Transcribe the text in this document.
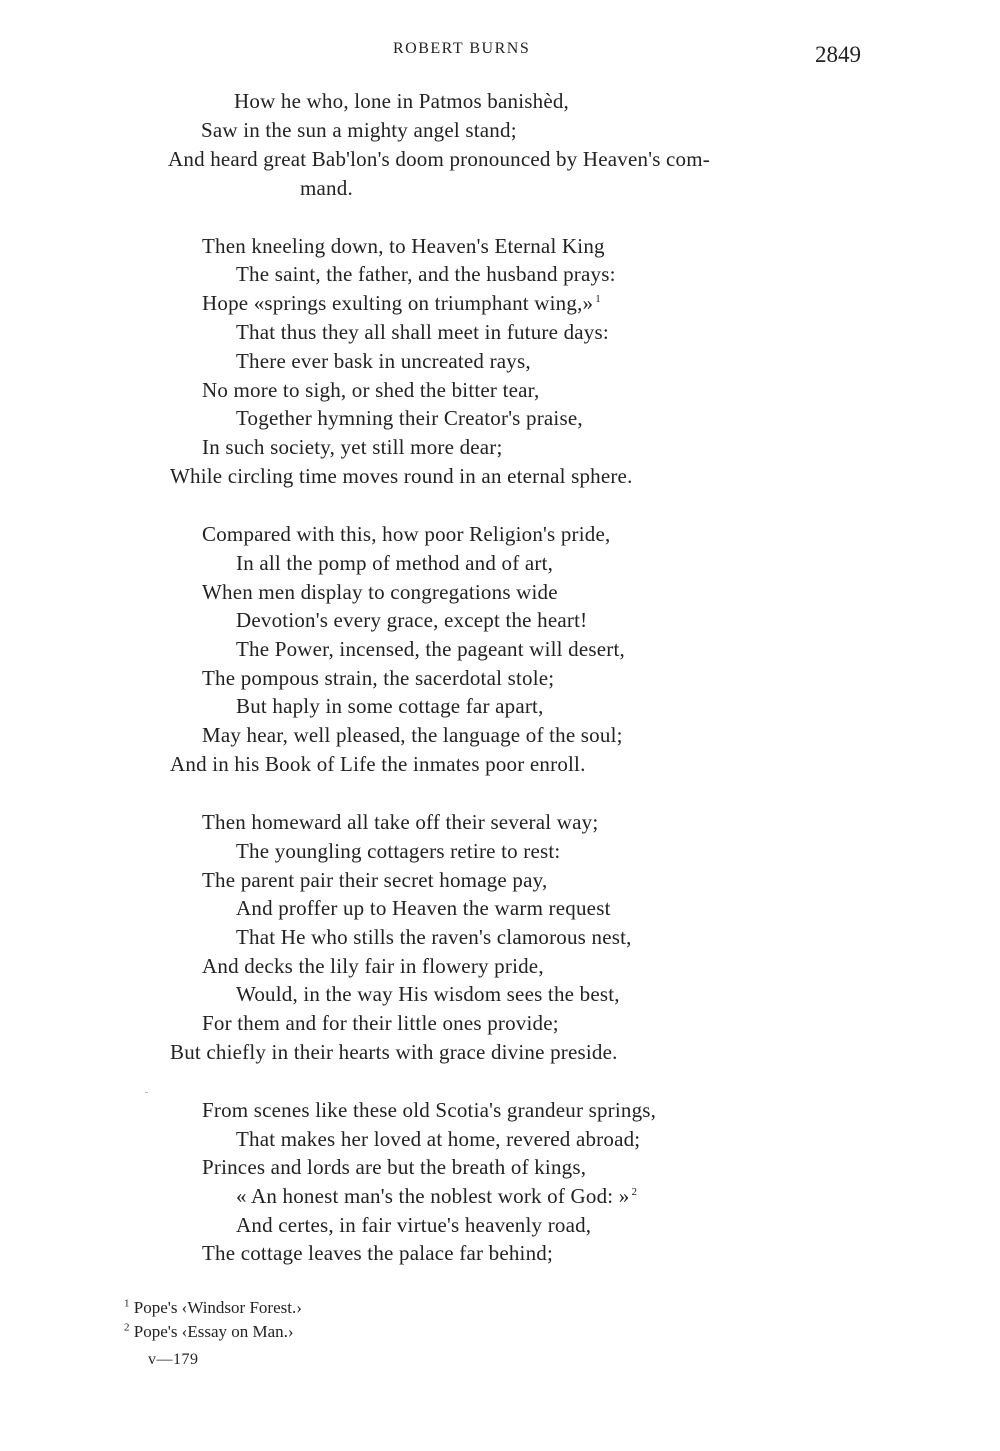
ROBERT BURNS	2849
How he who, lone in Patmos banishèd,
Saw in the sun a mighty angel stand;
And heard great Bab'lon's doom pronounced by Heaven's com-
mand.
Then kneeling down, to Heaven's Eternal King
The saint, the father, and the husband prays:
Hope «springs exulting on triumphant wing,» $^1$
That thus they all shall meet in future days:
There ever bask in uncreated rays,
No more to sigh, or shed the bitter tear,
Together hymning their Creator's praise,
In such society, yet still more dear;
While circling time moves round in an eternal sphere.
Compared with this, how poor Religion's pride,
In all the pomp of method and of art,
When men display to congregations wide
Devotion's every grace, except the heart!
The Power, incensed, the pageant will desert,
The pompous strain, the sacerdotal stole;
But haply in some cottage far apart,
May hear, well pleased, the language of the soul;
And in his Book of Life the inmates poor enroll.
Then homeward all take off their several way;
The youngling cottagers retire to rest:
The parent pair their secret homage pay,
And proffer up to Heaven the warm request
That He who stills the raven's clamorous nest,
And decks the lily fair in flowery pride,
Would, in the way His wisdom sees the best,
For them and for their little ones provide;
But chiefly in their hearts with grace divine preside.
From scenes like these old Scotia's grandeur springs,
That makes her loved at home, revered abroad;
Princes and lords are but the breath of kings,
« An honest man's the noblest work of God: » $^2$
And certes, in fair virtue's heavenly road,
The cottage leaves the palace far behind;
$^1$ Pope's ‹Windsor Forest.›
$^2$ Pope's ‹Essay on Man.›
v—179
